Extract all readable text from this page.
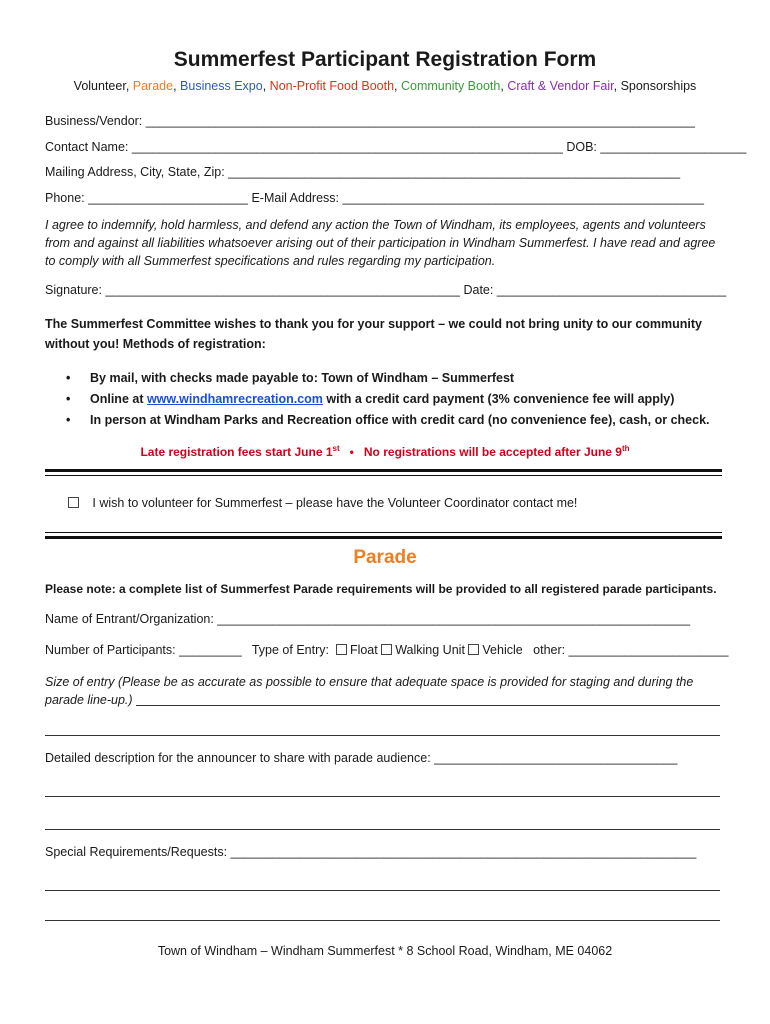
Summerfest Participant Registration Form
Volunteer, Parade, Business Expo, Non-Profit Food Booth, Community Booth, Craft & Vendor Fair, Sponsorships
Business/Vendor: _______________________________________________________________________________
Contact Name: ______________________________________________________________ DOB: _____________________
Mailing Address, City, State, Zip: _________________________________________________________________
Phone: _______________________ E-Mail Address: ____________________________________________________
I agree to indemnify, hold harmless, and defend any action the Town of Windham, its employees, agents and volunteers from and against all liabilities whatsoever arising out of their participation in Windham Summerfest. I have read and agree to comply with all Summerfest specifications and rules regarding my participation.
Signature: ___________________________________________________ Date: _________________________________
The Summerfest Committee wishes to thank you for your support – we could not bring unity to our community without you! Methods of registration:
• By mail, with checks made payable to: Town of Windham – Summerfest
• Online at www.windhamrecreation.com with a credit card payment (3% convenience fee will apply)
• In person at Windham Parks and Recreation office with credit card (no convenience fee), cash, or check.
Late registration fees start June 1st • No registrations will be accepted after June 9th
I wish to volunteer for Summerfest – please have the Volunteer Coordinator contact me!
Parade
Please note: a complete list of Summerfest Parade requirements will be provided to all registered parade participants.
Name of Entrant/Organization: ____________________________________________________________________
Number of Participants: _________ Type of Entry: Float Walking Unit Vehicle other: _______________________
Size of entry (Please be as accurate as possible to ensure that adequate space is provided for staging and during the
parade line-up.)
Detailed description for the announcer to share with parade audience: ___________________________________
Special Requirements/Requests: ___________________________________________________________________
Town of Windham – Windham Summerfest * 8 School Road, Windham, ME 04062
